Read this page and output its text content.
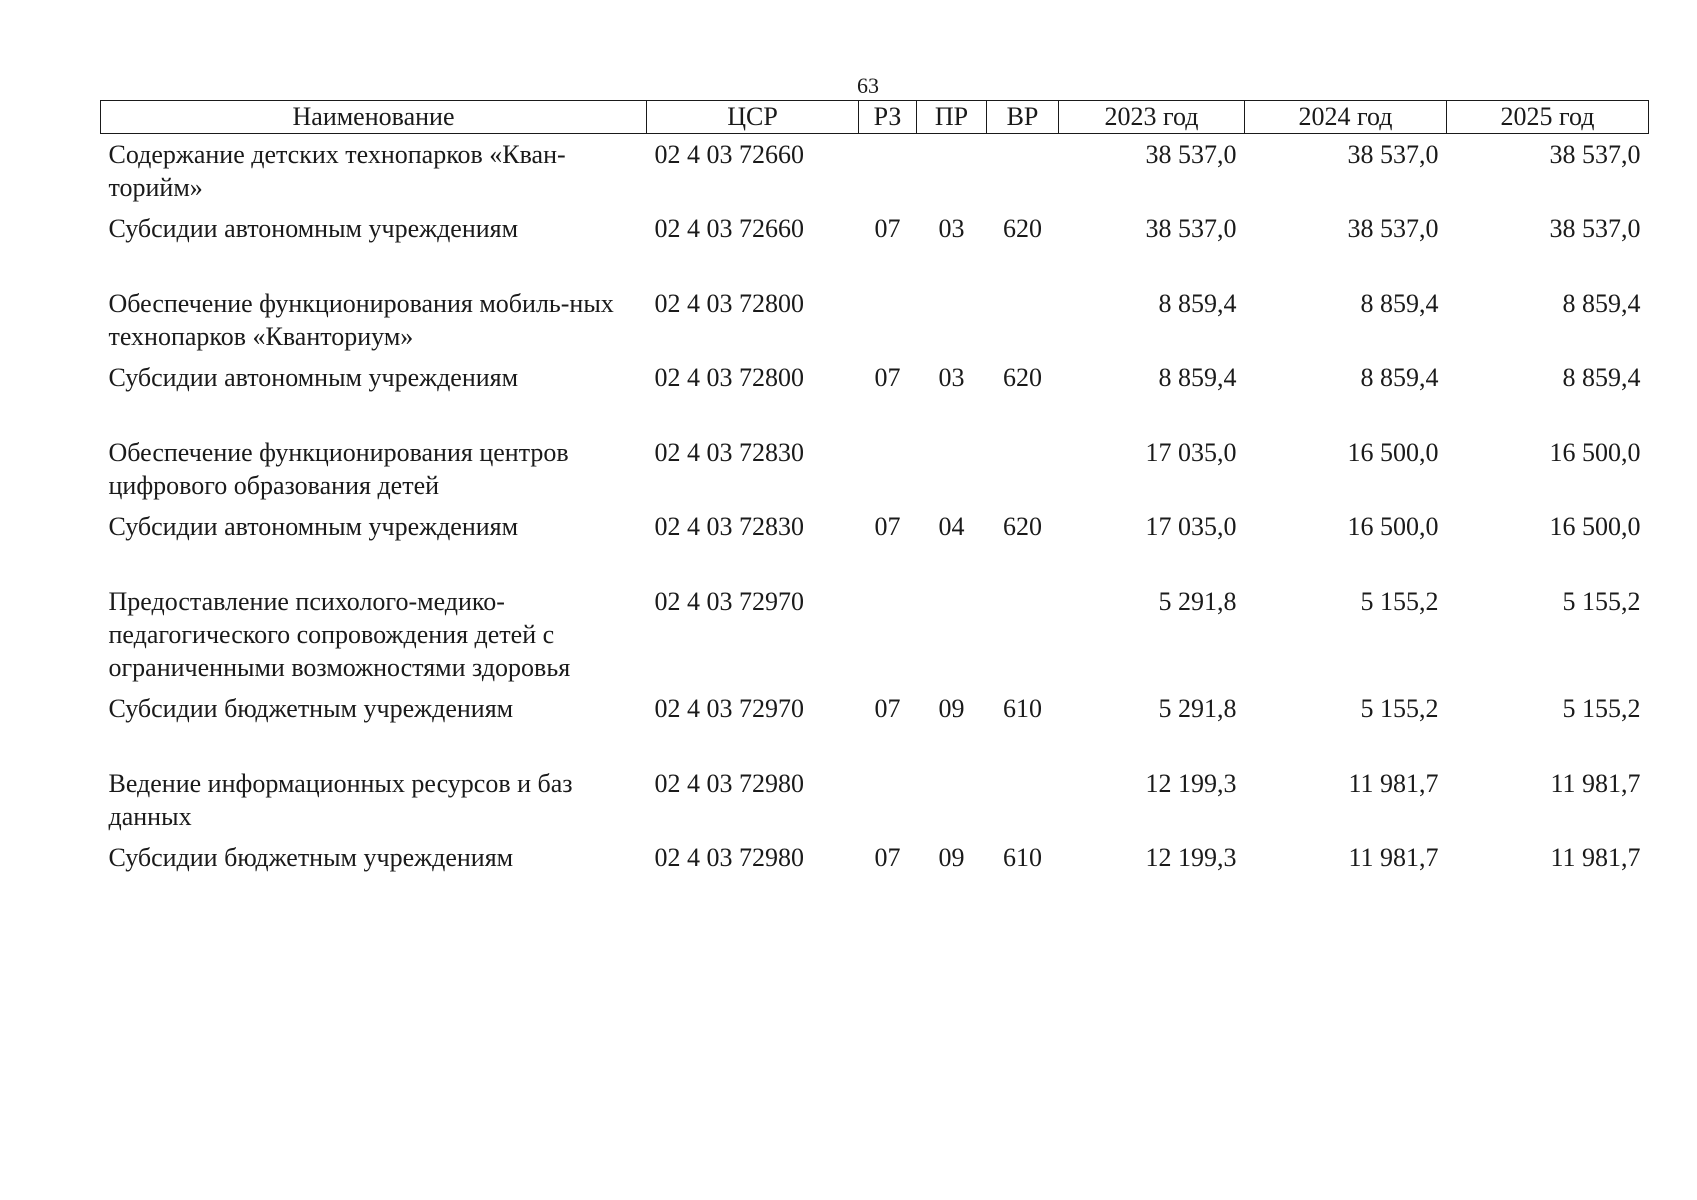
63
Наименование	ЦСР	РЗ	ПР	ВР	2023 год	2024 год	2025 год
Содержание детских технопарков «Кван-торийм»	02 4 03 72660				38 537,0	38 537,0	38 537,0
Субсидии автономным учреждениям	02 4 03 72660	07	03	620	38 537,0	38 537,0	38 537,0
Обеспечение функционирования мобиль-ных технопарков «Кванториум»	02 4 03 72800				8 859,4	8 859,4	8 859,4
Субсидии автономным учреждениям	02 4 03 72800	07	03	620	8 859,4	8 859,4	8 859,4
Обеспечение функционирования центров цифрового образования детей	02 4 03 72830				17 035,0	16 500,0	16 500,0
Субсидии автономным учреждениям	02 4 03 72830	07	04	620	17 035,0	16 500,0	16 500,0
Предоставление психолого-медико-педагогического сопровождения детей с ограниченными возможностями здоровья	02 4 03 72970				5 291,8	5 155,2	5 155,2
Субсидии бюджетным учреждениям	02 4 03 72970	07	09	610	5 291,8	5 155,2	5 155,2
Ведение информационных ресурсов и баз данных	02 4 03 72980				12 199,3	11 981,7	11 981,7
Субсидии бюджетным учреждениям	02 4 03 72980	07	09	610	12 199,3	11 981,7	11 981,7
